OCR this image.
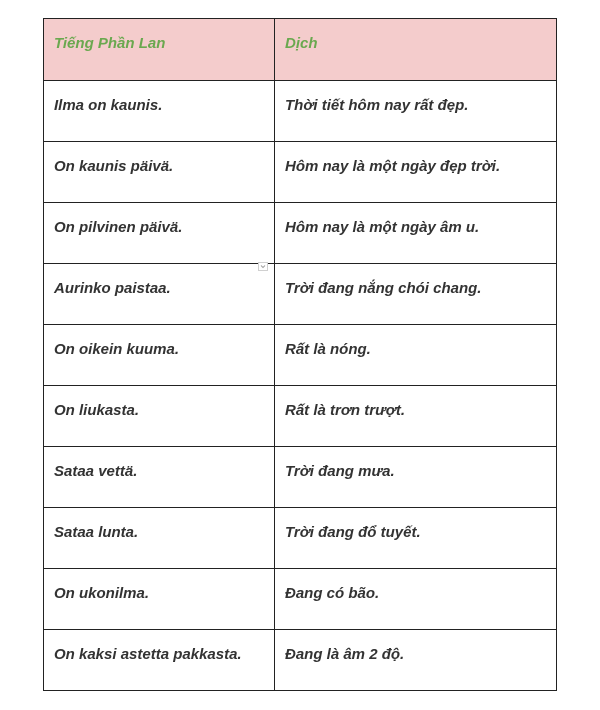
Tiếng Phần Lan	Dịch

Ilma on kaunis.	Thời tiết hôm nay rất đẹp.

On kaunis päivä.	Hôm nay là một ngày đẹp trời.

On pilvinen päivä.	Hôm nay là một ngày âm u.

Aurinko paistaa.	Trời đang nắng chói chang.

On oikein kuuma.	Rất là nóng.

On liukasta.	Rất là trơn trượt.

Sataa vettä.	Trời đang mưa.

Sataa lunta.	Trời đang đổ tuyết.

On ukonilma.	Đang có bão.

On kaksi astetta pakkasta.	Đang là âm 2 độ.
